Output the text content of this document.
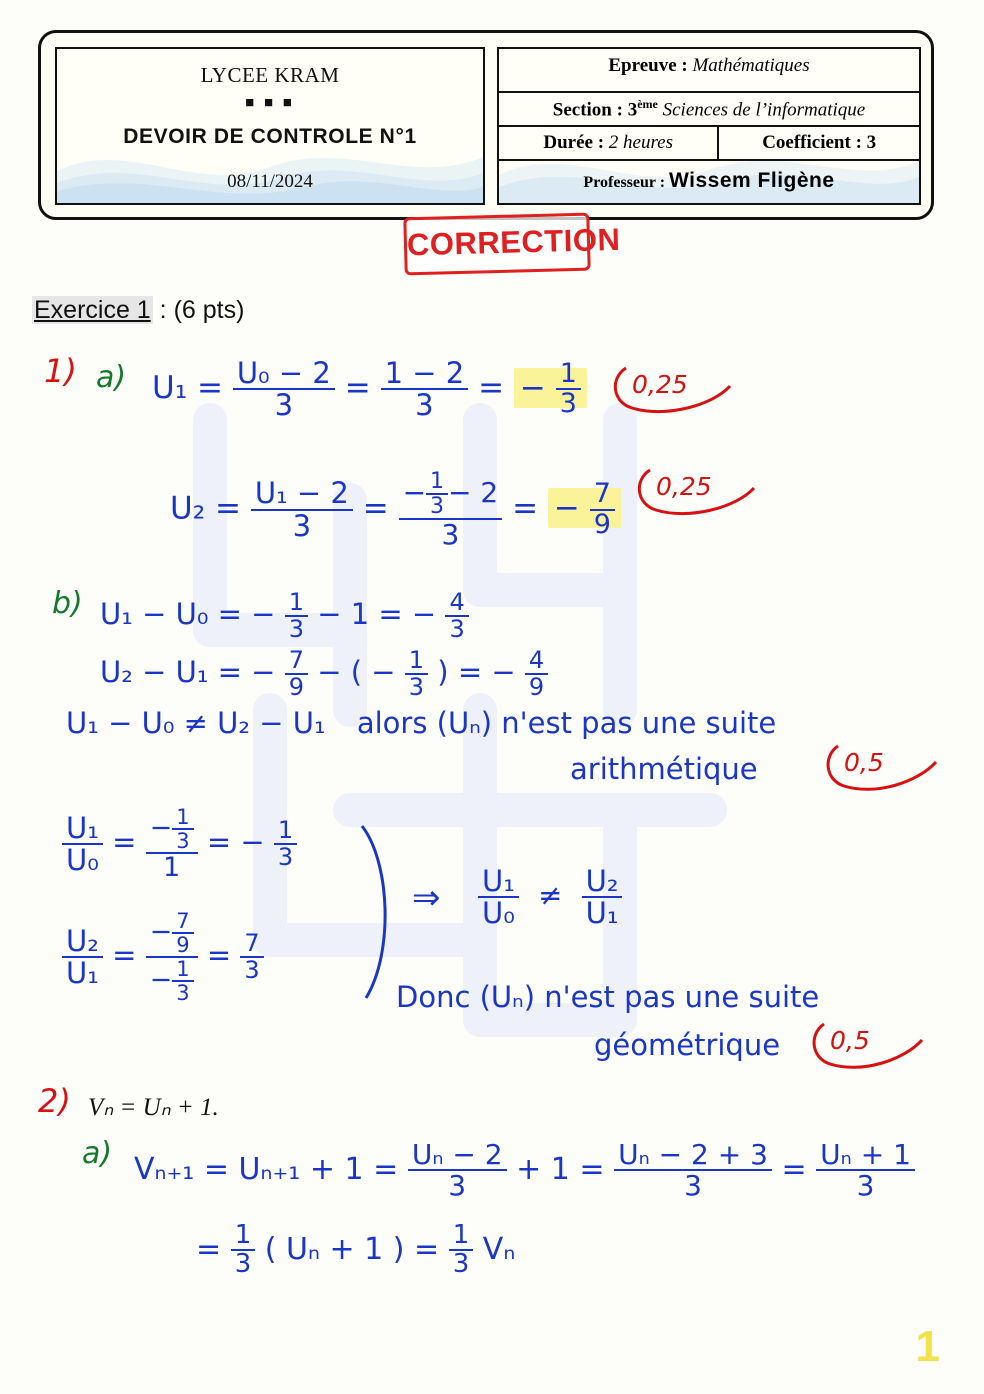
LYCEE KRAM
■ ■ ■
DEVOIR DE CONTROLE N°1
08/11/2024
Epreuve : Mathématiques
Section : 3ème Sciences de l’informatique
Durée : 2 heures	Coefficient : 3
Professeur : Wissem Fligène
CORRECTION
Exercice 1 : (6 pts)
1) a) $U_1 = \frac{\text{U₀ − 2}}{3} = \frac{1 - 2}{3}$ = − $\frac{1}{3}$	0,25
$U_2 = \frac{\text{U₁ − 2}}{3} = \frac{- \frac{1}{3} - 2}{3}$ = − $\frac{7}{9}$	0,25
b) U₁ − U₀ = − $\frac{1}{3} - 1$ = − $\frac{4}{3}$
U₂ − U₁ = − $\frac{7}{9}$ − ( − $\frac{1}{3}$ ) = − $\frac{4}{9}$
U₁ − U₀ ≠ U₂ − U₁ alors (Uₙ) n'est pas une suite
arithmétique	0,5
$\frac{\text{U₁}}{\text{U₀}} = \frac{- \frac{1}{3}}{1}$ = − $\frac{1}{3}$
$\frac{\text{U₂}}{\text{U₁}} = \frac{- \frac{7}{9}}{- \frac{1}{3}} = \frac{7}{3}$
⇒ $\frac{\text{U₁}}{\text{U₀}} \ne \frac{\text{U₂}}{\text{U₁}}$
Donc (Uₙ) n'est pas une suite
géométrique	0,5
2) Vₙ = Uₙ + 1.
a) $V_{n+1} = U_{n+1} + 1 = \frac{\text{Uₙ − 2}}{3} + 1 = \frac{\text{Uₙ − 2 + 3}}{3} = \frac{\text{Uₙ + 1}}{3}$
= $\frac{1}{3}$ ( Uₙ + 1 ) = $\frac{1}{3}$ Vₙ
1
